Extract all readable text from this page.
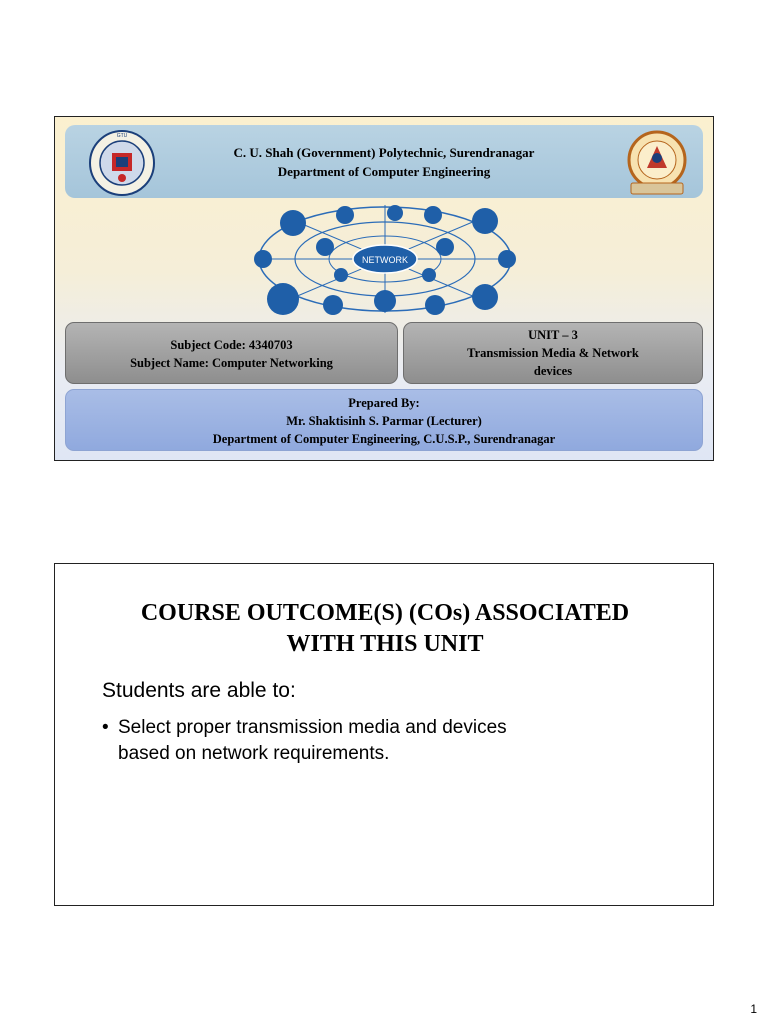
GTU
C. U. Shah (Government) Polytechnic, Surendranagar
Department of Computer Engineering
NETWORK
Subject Code: 4340703
Subject Name: Computer Networking
UNIT – 3
Transmission Media & Network
devices
Prepared By:
Mr. Shaktisinh S. Parmar (Lecturer)
Department of Computer Engineering, C.U.S.P., Surendranagar
COURSE OUTCOME(S) (COs) ASSOCIATED
WITH THIS UNIT
Students are able to:
• Select proper transmission media and devices
based on network requirements.
1
